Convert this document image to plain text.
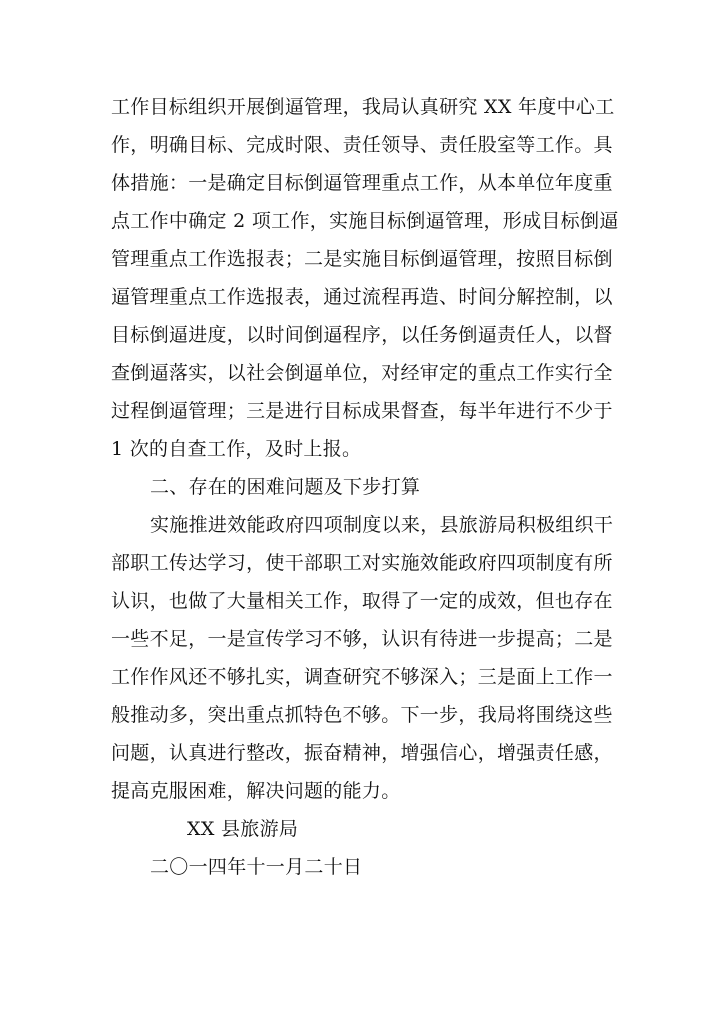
工作目标组织开展倒逼管理，我局认真研究 XX 年度中心工
作，明确目标、完成时限、责任领导、责任股室等工作。具
体措施：一是确定目标倒逼管理重点工作，从本单位年度重
点工作中确定 2 项工作，实施目标倒逼管理，形成目标倒逼
管理重点工作选报表；二是实施目标倒逼管理，按照目标倒
逼管理重点工作选报表，通过流程再造、时间分解控制，以
目标倒逼进度，以时间倒逼程序，以任务倒逼责任人，以督
查倒逼落实，以社会倒逼单位，对经审定的重点工作实行全
过程倒逼管理；三是进行目标成果督查，每半年进行不少于
1 次的自查工作，及时上报。
二、存在的困难问题及下步打算
实施推进效能政府四项制度以来，县旅游局积极组织干
部职工传达学习，使干部职工对实施效能政府四项制度有所
认识，也做了大量相关工作，取得了一定的成效，但也存在
一些不足，一是宣传学习不够，认识有待进一步提高；二是
工作作风还不够扎实，调查研究不够深入；三是面上工作一
般推动多，突出重点抓特色不够。下一步，我局将围绕这些
问题，认真进行整改，振奋精神，增强信心，增强责任感，
提高克服困难，解决问题的能力。
XX 县旅游局
二〇一四年十一月二十日
